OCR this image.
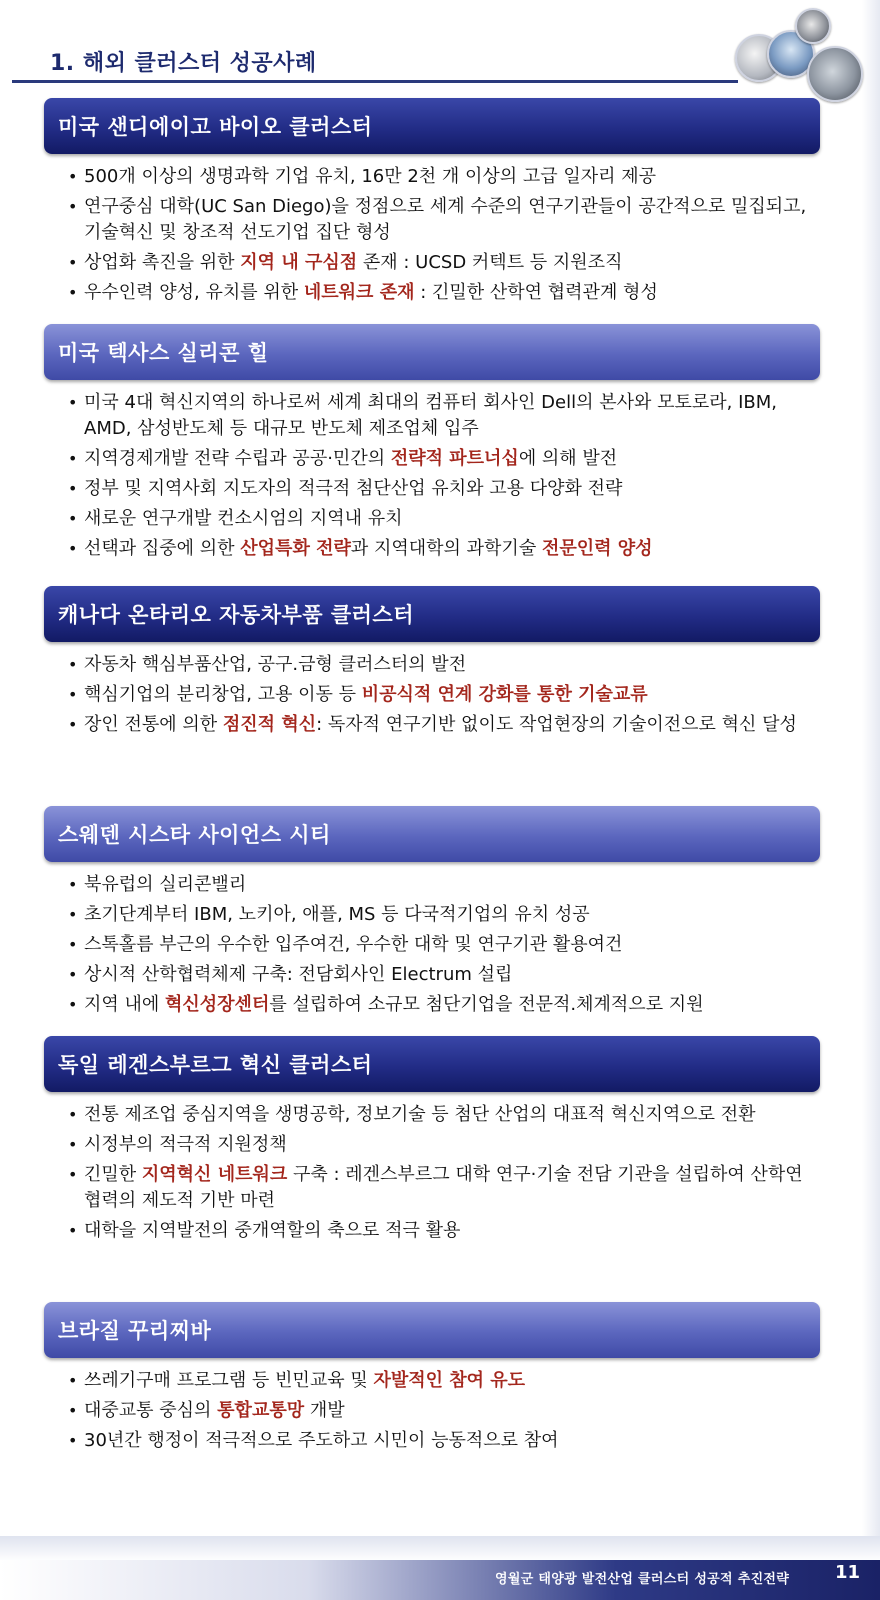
1. 해외 클러스터 성공사례
미국 샌디에이고 바이오 클러스터
• 500개 이상의 생명과학 기업 유치, 16만 2천 개 이상의 고급 일자리 제공
• 연구중심 대학(UC San Diego)을 정점으로 세계 수준의 연구기관들이 공간적으로 밀집되고, 기술혁신 및 창조적 선도기업 집단 형성
• 상업화 촉진을 위한 지역 내 구심점 존재 : UCSD 커텍트 등 지원조직
• 우수인력 양성, 유치를 위한 네트워크 존재 : 긴밀한 산학연 협력관계 형성
미국 텍사스 실리콘 힐
• 미국 4대 혁신지역의 하나로써 세계 최대의 컴퓨터 회사인 Dell의 본사와 모토로라, IBM, AMD, 삼성반도체 등 대규모 반도체 제조업체 입주
• 지역경제개발 전략 수립과 공공·민간의 전략적 파트너십에 의해 발전
• 정부 및 지역사회 지도자의 적극적 첨단산업 유치와 고용 다양화 전략
• 새로운 연구개발 컨소시엄의 지역내 유치
• 선택과 집중에 의한 산업특화 전략과 지역대학의 과학기술 전문인력 양성
캐나다 온타리오 자동차부품 클러스터
• 자동차 핵심부품산업, 공구.금형 클러스터의 발전
• 핵심기업의 분리창업, 고용 이동 등 비공식적 연계 강화를 통한 기술교류
• 장인 전통에 의한 점진적 혁신: 독자적 연구기반 없이도 작업현장의 기술이전으로 혁신 달성
스웨덴 시스타 사이언스 시티
• 북유럽의 실리콘밸리
• 초기단계부터 IBM, 노키아, 애플, MS 등 다국적기업의 유치 성공
• 스톡홀름 부근의 우수한 입주여건, 우수한 대학 및 연구기관 활용여건
• 상시적 산학협력체제 구축: 전담회사인 Electrum 설립
• 지역 내에 혁신성장센터를 설립하여 소규모 첨단기업을 전문적.체계적으로 지원
독일 레겐스부르그 혁신 클러스터
• 전통 제조업 중심지역을 생명공학, 정보기술 등 첨단 산업의 대표적 혁신지역으로 전환
• 시정부의 적극적 지원정책
• 긴밀한 지역혁신 네트워크 구축 : 레겐스부르그 대학 연구·기술 전담 기관을 설립하여 산학연 협력의 제도적 기반 마련
• 대학을 지역발전의 중개역할의 축으로 적극 활용
브라질 꾸리찌바
• 쓰레기구매 프로그램 등 빈민교육 및 자발적인 참여 유도
• 대중교통 중심의 통합교통망 개발
• 30년간 행정이 적극적으로 주도하고 시민이 능동적으로 참여
영월군 태양광 발전산업 클러스터 성공적 추진전략	11
